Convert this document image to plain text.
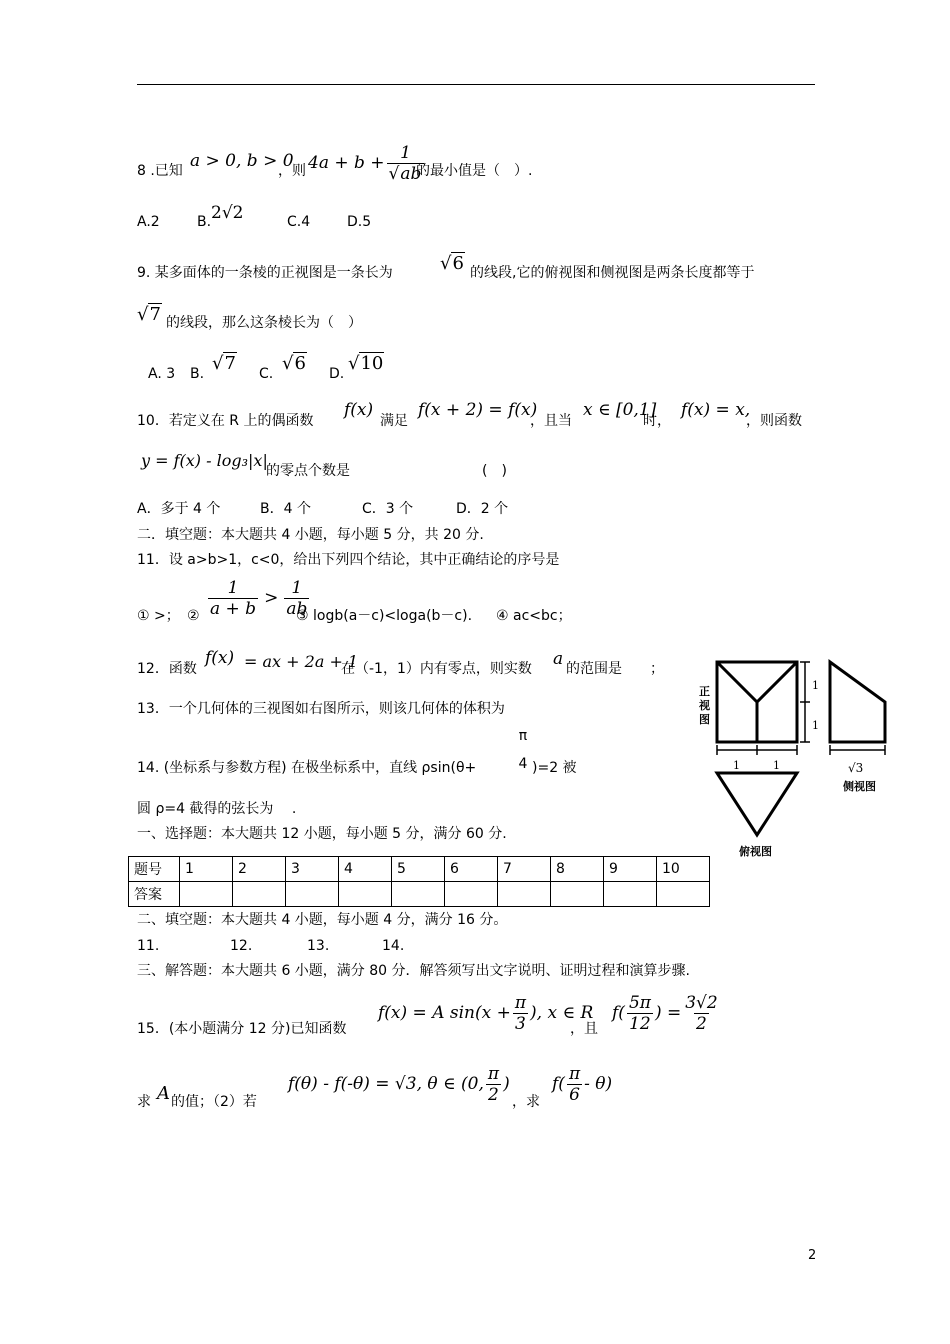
8 .已知 a > 0, b > 0
，则 $4a + b + \frac{1}{√ab}$
的最小值是（　）.
A.2	B. 2√2	C.4	D.5
9. 某多面体的一条棱的正视图是一条长为	√6 的线段,它的俯视图和侧视图是两条长度都等于
√7 的线段，那么这条棱长为（　）
A. 3 B. √7 C. √6 D. √10
10．若定义在 R 上的偶函数
f(x)
满足
f(x + 2) = f(x)
，且当
x ∈ [0,1]
时，
f(x) = x,
，则函数
y = f(x) - log₃|x|
的零点个数是	(　)
A．多于 4 个	B．4 个	C．3 个	D．2 个
二．填空题：本大题共 4 小题，每小题 5 分，共 20 分.
11．设 a>b>1，c<0，给出下列四个结论，其中正确结论的序号是
① >； ② $\frac{1}{a + b} > \frac{1}{ab}$
③ logb(a－c)<loga(b－c). ④ ac<bc；
12．函数
f(x) = ax + 2a + 1
在（-1，1）内有零点，则实数 a 的范围是　　；
13．一个几何体的三视图如右图所示，则该几何体的体积为
14. (坐标系与参数方程) 在极坐标系中，直线 ρsin(θ+
π
4 )=2 被
圆 ρ=4 截得的弦长为　 .
1
1
1	1
正
视
图
√3
侧视图
俯视图
一、选择题：本大题共 12 小题，每小题 5 分，满分 60 分.
题号	1	2	3	4	5	6	7	8	9	10
答案										
二、填空题：本大题共 4 小题，每小题 4 分，满分 16 分。
11.	12.	13.	14.
三、解答题：本大题共 6 小题，满分 80 分．解答须写出文字说明、证明过程和演算步骤.
15．(本小题满分 12 分)已知函数
f(x) = A $\sin(x + \frac{\pi}{3}$ ), x ∈ R
，且
$f( \frac{5\pi}{12}$ ) = $\frac{3√2}{2}$
求 A 的值；（2）若
f(θ) - f(-θ) = √3, θ ∈ (0, $\frac{\pi}{2}$ )
，求
$f( \frac{\pi}{6} - \theta)$
2
